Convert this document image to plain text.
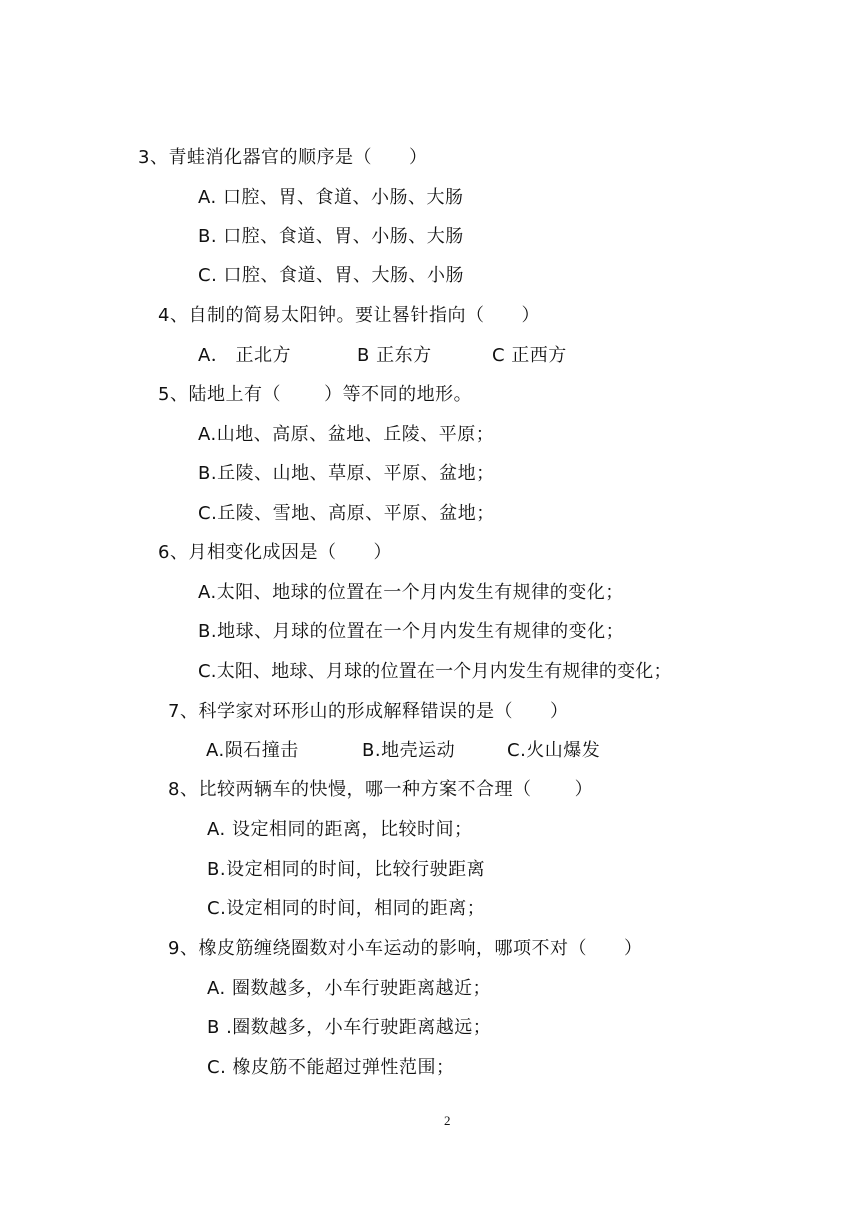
3、青蛙消化器官的顺序是（　　）
A. 口腔、胃、食道、小肠、大肠
B. 口腔、食道、胃、小肠、大肠
C. 口腔、食道、胃、大肠、小肠
4、自制的简易太阳钟。要让晷针指向（　　）
A． 正北方	B 正东方	C 正西方
5、陆地上有（　　 ）等不同的地形。
A.山地、高原、盆地、丘陵、平原；
B.丘陵、山地、草原、平原、盆地；
C.丘陵、雪地、高原、平原、盆地；
6、月相变化成因是（　　）
A.太阳、地球的位置在一个月内发生有规律的变化；
B.地球、月球的位置在一个月内发生有规律的变化；
C.太阳、地球、月球的位置在一个月内发生有规律的变化；
7、科学家对环形山的形成解释错误的是（　　）
A.陨石撞击	B.地壳运动	C.火山爆发
8、比较两辆车的快慢，哪一种方案不合理（　　 ）
A. 设定相同的距离，比较时间；
B.设定相同的时间，比较行驶距离
C.设定相同的时间，相同的距离；
9、橡皮筋缠绕圈数对小车运动的影响，哪项不对（　　）
A. 圈数越多，小车行驶距离越近；
B .圈数越多，小车行驶距离越远；
C. 橡皮筋不能超过弹性范围；
2
